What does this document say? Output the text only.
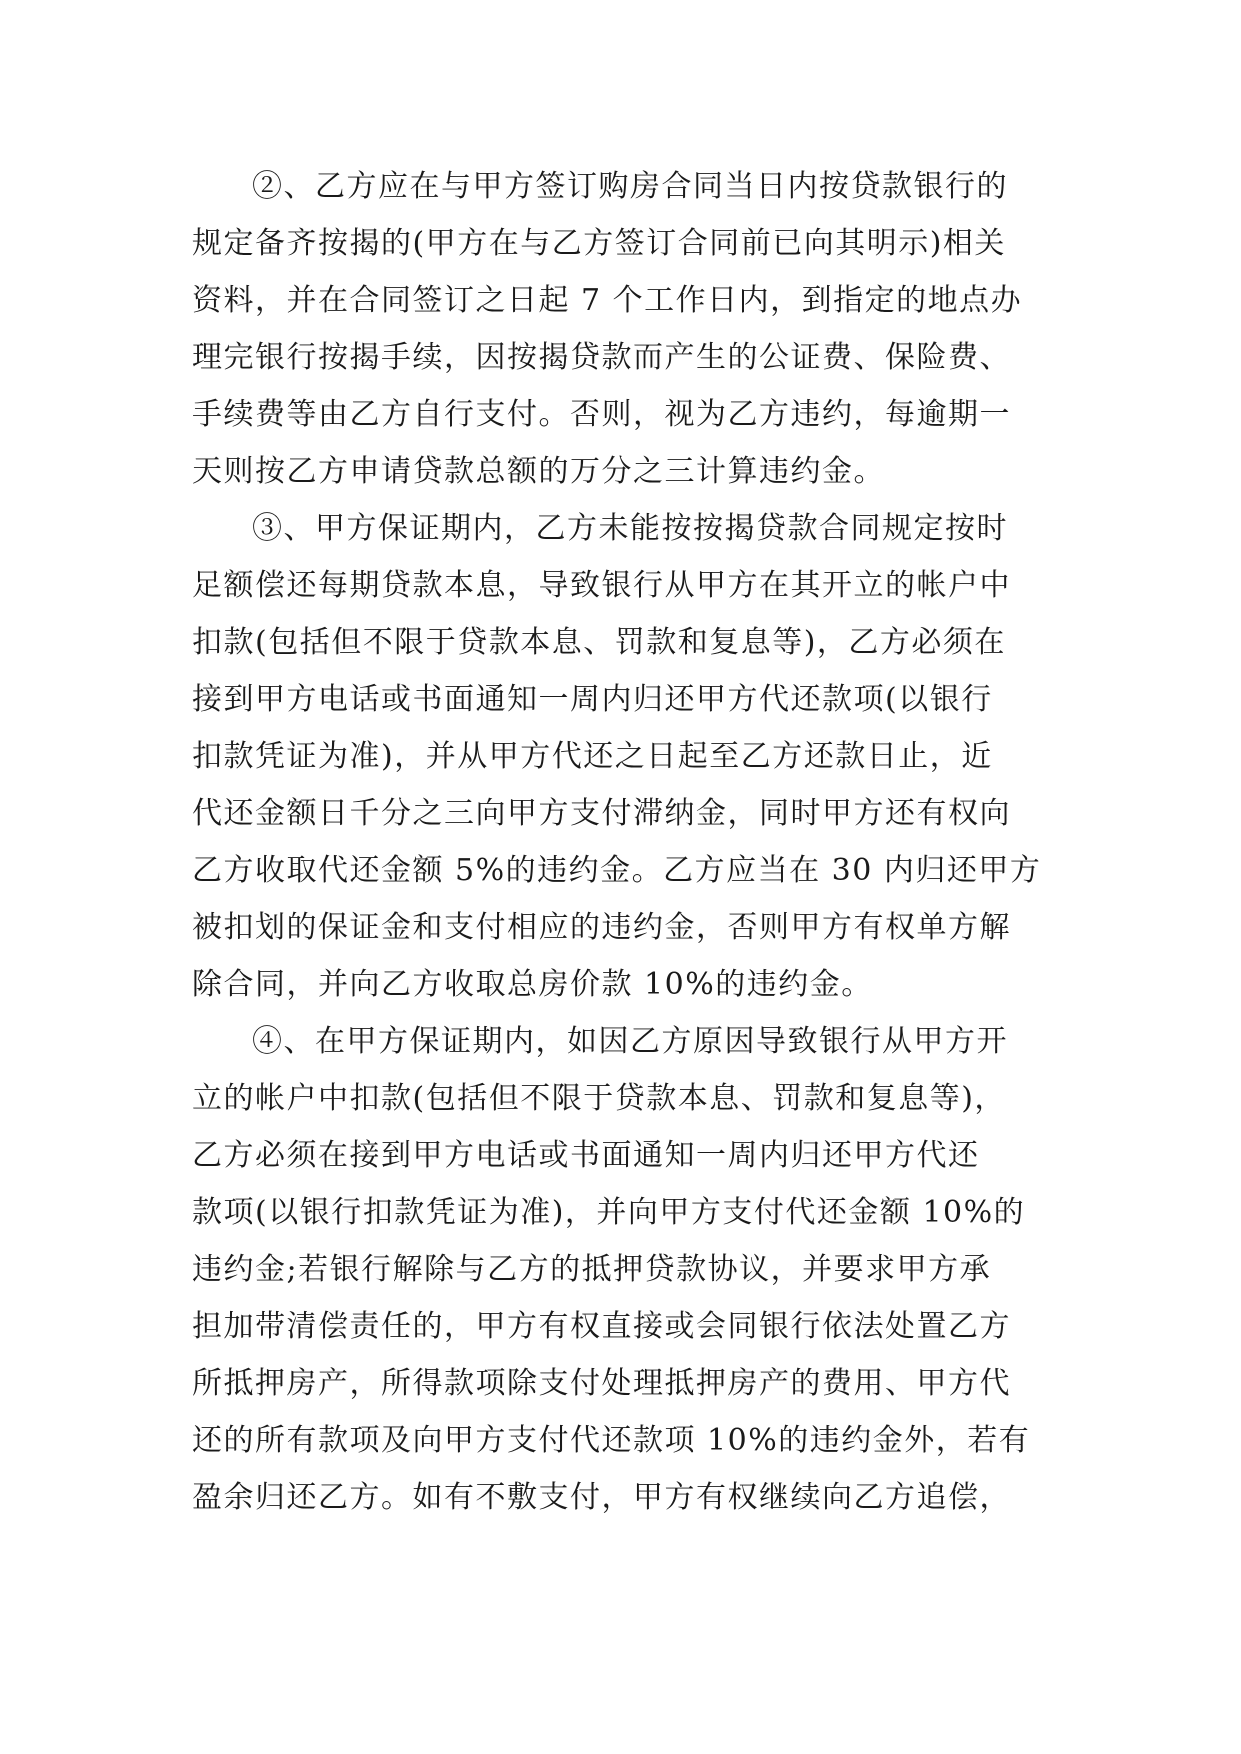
②、乙方应在与甲方签订购房合同当日内按贷款银行的
规定备齐按揭的(甲方在与乙方签订合同前已向其明示)相关
资料，并在合同签订之日起 7 个工作日内，到指定的地点办
理完银行按揭手续，因按揭贷款而产生的公证费、保险费、
手续费等由乙方自行支付。否则，视为乙方违约，每逾期一
天则按乙方申请贷款总额的万分之三计算违约金。

③、甲方保证期内，乙方未能按按揭贷款合同规定按时
足额偿还每期贷款本息，导致银行从甲方在其开立的帐户中
扣款(包括但不限于贷款本息、罚款和复息等)，乙方必须在
接到甲方电话或书面通知一周内归还甲方代还款项(以银行
扣款凭证为准)，并从甲方代还之日起至乙方还款日止，近
代还金额日千分之三向甲方支付滞纳金，同时甲方还有权向
乙方收取代还金额 5%的违约金。乙方应当在 30 内归还甲方
被扣划的保证金和支付相应的违约金，否则甲方有权单方解
除合同，并向乙方收取总房价款 10%的违约金。

④、在甲方保证期内，如因乙方原因导致银行从甲方开
立的帐户中扣款(包括但不限于贷款本息、罚款和复息等)，
乙方必须在接到甲方电话或书面通知一周内归还甲方代还
款项(以银行扣款凭证为准)，并向甲方支付代还金额 10%的
违约金;若银行解除与乙方的抵押贷款协议，并要求甲方承
担加带清偿责任的，甲方有权直接或会同银行依法处置乙方
所抵押房产，所得款项除支付处理抵押房产的费用、甲方代
还的所有款项及向甲方支付代还款项 10%的违约金外，若有
盈余归还乙方。如有不敷支付，甲方有权继续向乙方追偿，
